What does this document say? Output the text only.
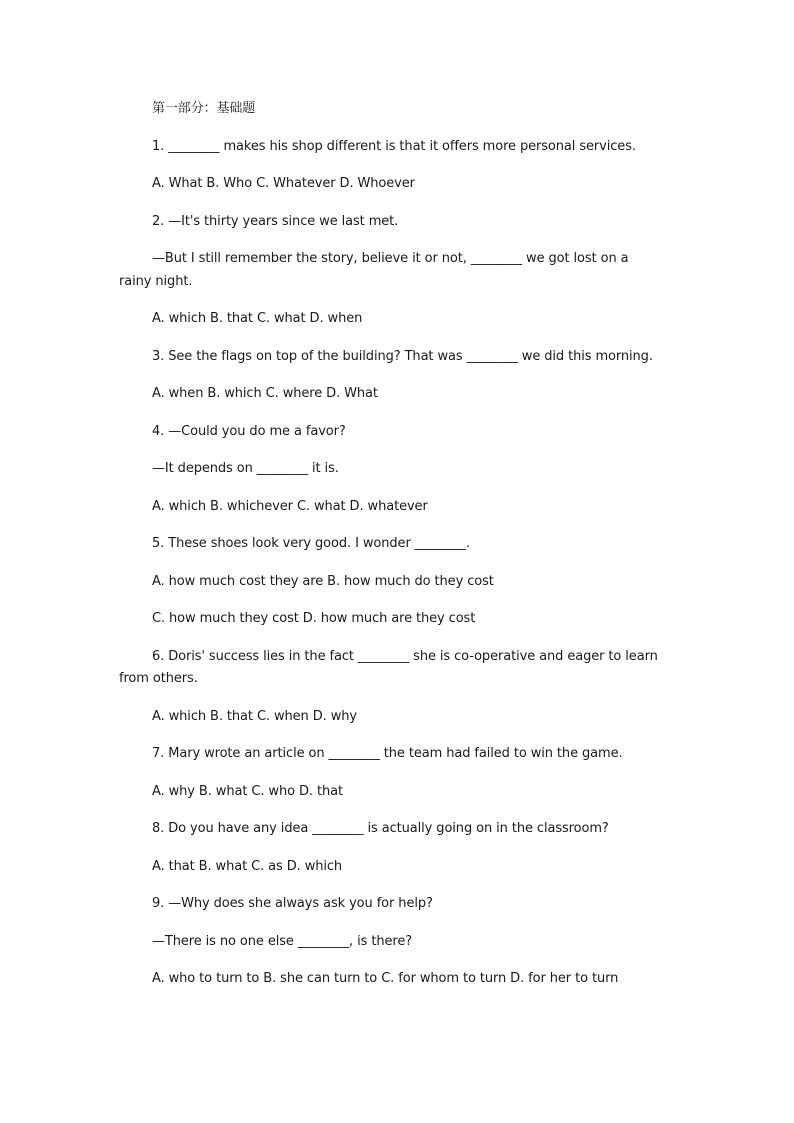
第一部分：基础题

1. ________ makes his shop different is that it offers more personal services.

A. What B. Who C. Whatever D. Whoever

2. —It's thirty years since we last met.

—But I still remember the story, believe it or not, ________ we got lost on a rainy night.

A. which B. that C. what D. when

3. See the flags on top of the building? That was ________ we did this morning.

A. when B. which C. where D. What

4. —Could you do me a favor?

—It depends on ________ it is.

A. which B. whichever C. what D. whatever

5. These shoes look very good. I wonder ________.

A. how much cost they are B. how much do they cost

C. how much they cost D. how much are they cost

6. Doris' success lies in the fact ________ she is co-operative and eager to learn from others.

A. which B. that C. when D. why

7. Mary wrote an article on ________ the team had failed to win the game.

A. why B. what C. who D. that

8. Do you have any idea ________ is actually going on in the classroom?

A. that B. what C. as D. which

9. —Why does she always ask you for help?

—There is no one else ________, is there?

A. who to turn to B. she can turn to C. for whom to turn D. for her to turn
